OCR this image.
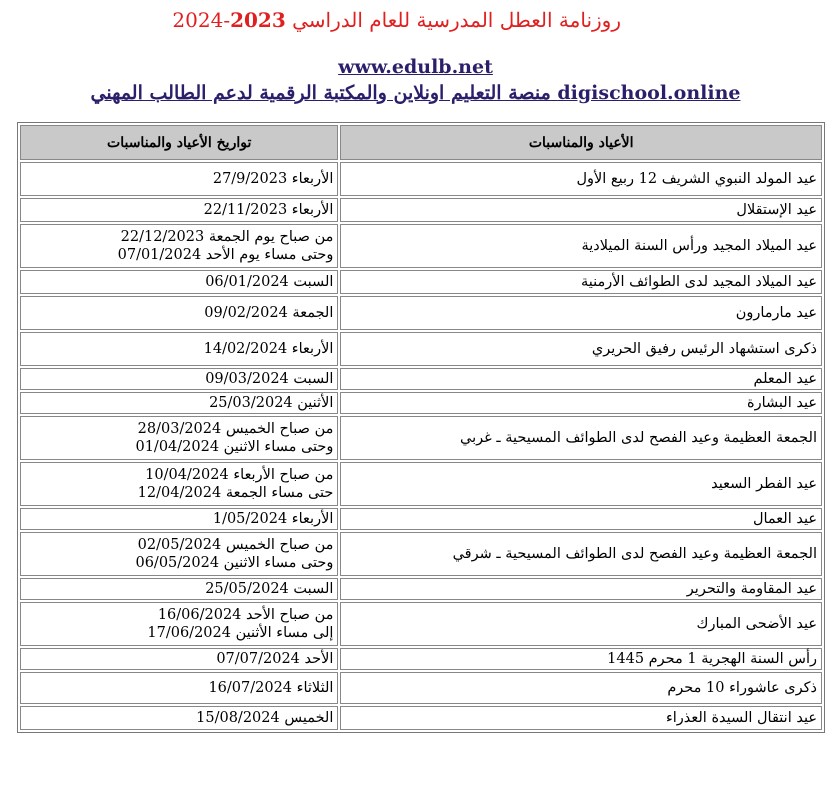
روزنامة العطل المدرسية للعام الدراسي 2023-2024
www.edulb.net
digischool.online منصة التعليم اونلاين والمكتبة الرقمية لدعم الطالب المهني
الأعياد والمناسبات	تواريخ الأعياد والمناسبات
عيد المولد النبوي الشريف 12 ربيع الأول	الأربعاء 27/9/2023

عيد الإستقلال	الأربعاء 22/11/2023

عيد الميلاد المجيد ورأس السنة الميلادية	من صباح يوم الجمعة 22/12/2023
وحتى مساء يوم الأحد 07/01/2024

عيد الميلاد المجيد لدى الطوائف الأرمنية	السبت 06/01/2024

عيد مارمارون	الجمعة 09/02/2024

ذكرى استشهاد الرئيس رفيق الحريري	الأربعاء 14/02/2024

عيد المعلم	السبت 09/03/2024

عيد البشارة	الأثنين 25/03/2024

الجمعة العظيمة وعيد الفصح لدى الطوائف المسيحية ـ غربي	من صباح الخميس 28/03/2024
وحتى مساء الاثنين 01/04/2024

عيد الفطر السعيد	من صباح الأربعاء 10/04/2024
حتى مساء الجمعة 12/04/2024

عيد العمال	الأربعاء 1/05/2024

الجمعة العظيمة وعيد الفصح لدى الطوائف المسيحية ـ شرقي	من صباح الخميس 02/05/2024
وحتى مساء الاثنين 06/05/2024

عيد المقاومة والتحرير	السبت 25/05/2024

عيد الأضحى المبارك	من صباح الأحد 16/06/2024
إلى مساء الأثنين 17/06/2024

رأس السنة الهجرية 1 محرم 1445	الأحد 07/07/2024

ذكرى عاشوراء 10 محرم	الثلاثاء 16/07/2024

عيد انتقال السيدة العذراء	الخميس 15/08/2024
